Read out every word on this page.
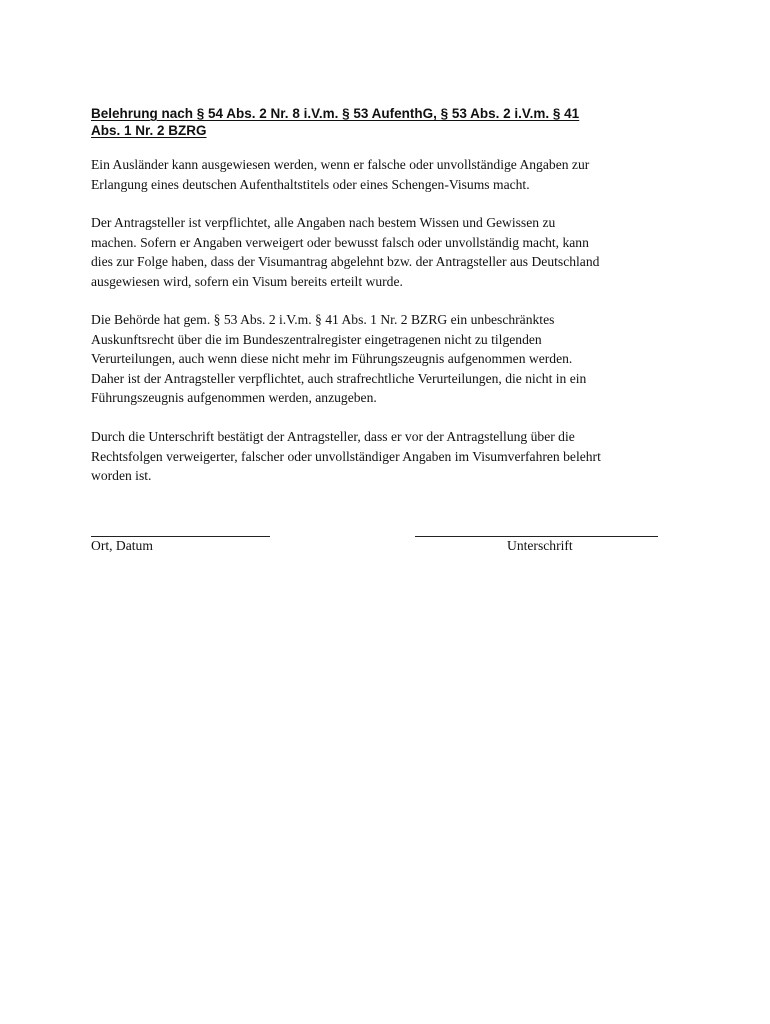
Belehrung nach § 54 Abs. 2 Nr. 8 i.V.m. § 53 AufenthG, § 53 Abs. 2 i.V.m. § 41
Abs. 1 Nr. 2 BZRG

Ein Ausländer kann ausgewiesen werden, wenn er falsche oder unvollständige Angaben zur
Erlangung eines deutschen Aufenthaltstitels oder eines Schengen-Visums macht.

Der Antragsteller ist verpflichtet, alle Angaben nach bestem Wissen und Gewissen zu
machen. Sofern er Angaben verweigert oder bewusst falsch oder unvollständig macht, kann
dies zur Folge haben, dass der Visumantrag abgelehnt bzw. der Antragsteller aus Deutschland
ausgewiesen wird, sofern ein Visum bereits erteilt wurde.

Die Behörde hat gem. § 53 Abs. 2 i.V.m. § 41 Abs. 1 Nr. 2 BZRG ein unbeschränktes
Auskunftsrecht über die im Bundeszentralregister eingetragenen nicht zu tilgenden
Verurteilungen, auch wenn diese nicht mehr im Führungszeugnis aufgenommen werden.
Daher ist der Antragsteller verpflichtet, auch strafrechtliche Verurteilungen, die nicht in ein
Führungszeugnis aufgenommen werden, anzugeben.

Durch die Unterschrift bestätigt der Antragsteller, dass er vor der Antragstellung über die
Rechtsfolgen verweigerter, falscher oder unvollständiger Angaben im Visumverfahren belehrt
worden ist.

Ort, Datum	Unterschrift
